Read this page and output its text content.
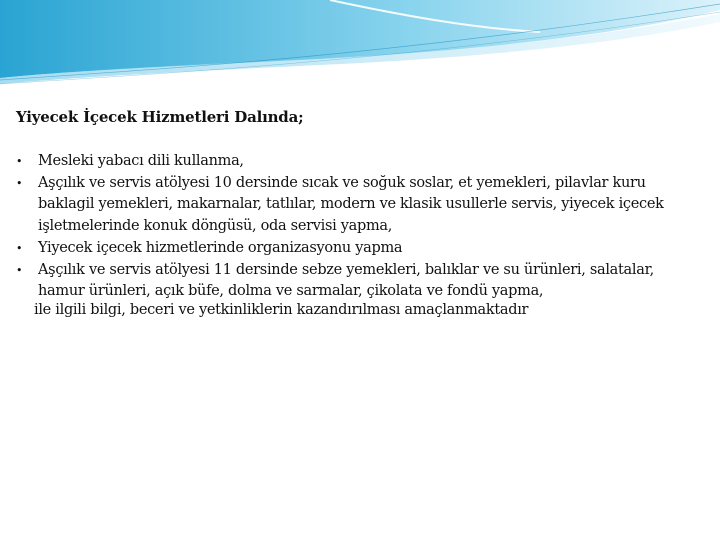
Yiyecek İçecek Hizmetleri Dalında;
• Mesleki yabacı dili kullanma,
• Aşçılık ve servis atölyesi 10 dersinde sıcak ve soğuk soslar, et yemekleri, pilavlar kuru baklagil yemekleri, makarnalar, tatlılar, modern ve klasik usullerle servis, yiyecek içecek işletmelerinde konuk döngüsü, oda servisi yapma,
• Yiyecek içecek hizmetlerinde organizasyonu yapma
• Aşçılık ve servis atölyesi 11 dersinde sebze yemekleri, balıklar ve su ürünleri, salatalar, hamur ürünleri, açık büfe, dolma ve sarmalar, çikolata ve fondü yapma,
ile ilgili bilgi, beceri ve yetkinliklerin kazandırılması amaçlanmaktadır
